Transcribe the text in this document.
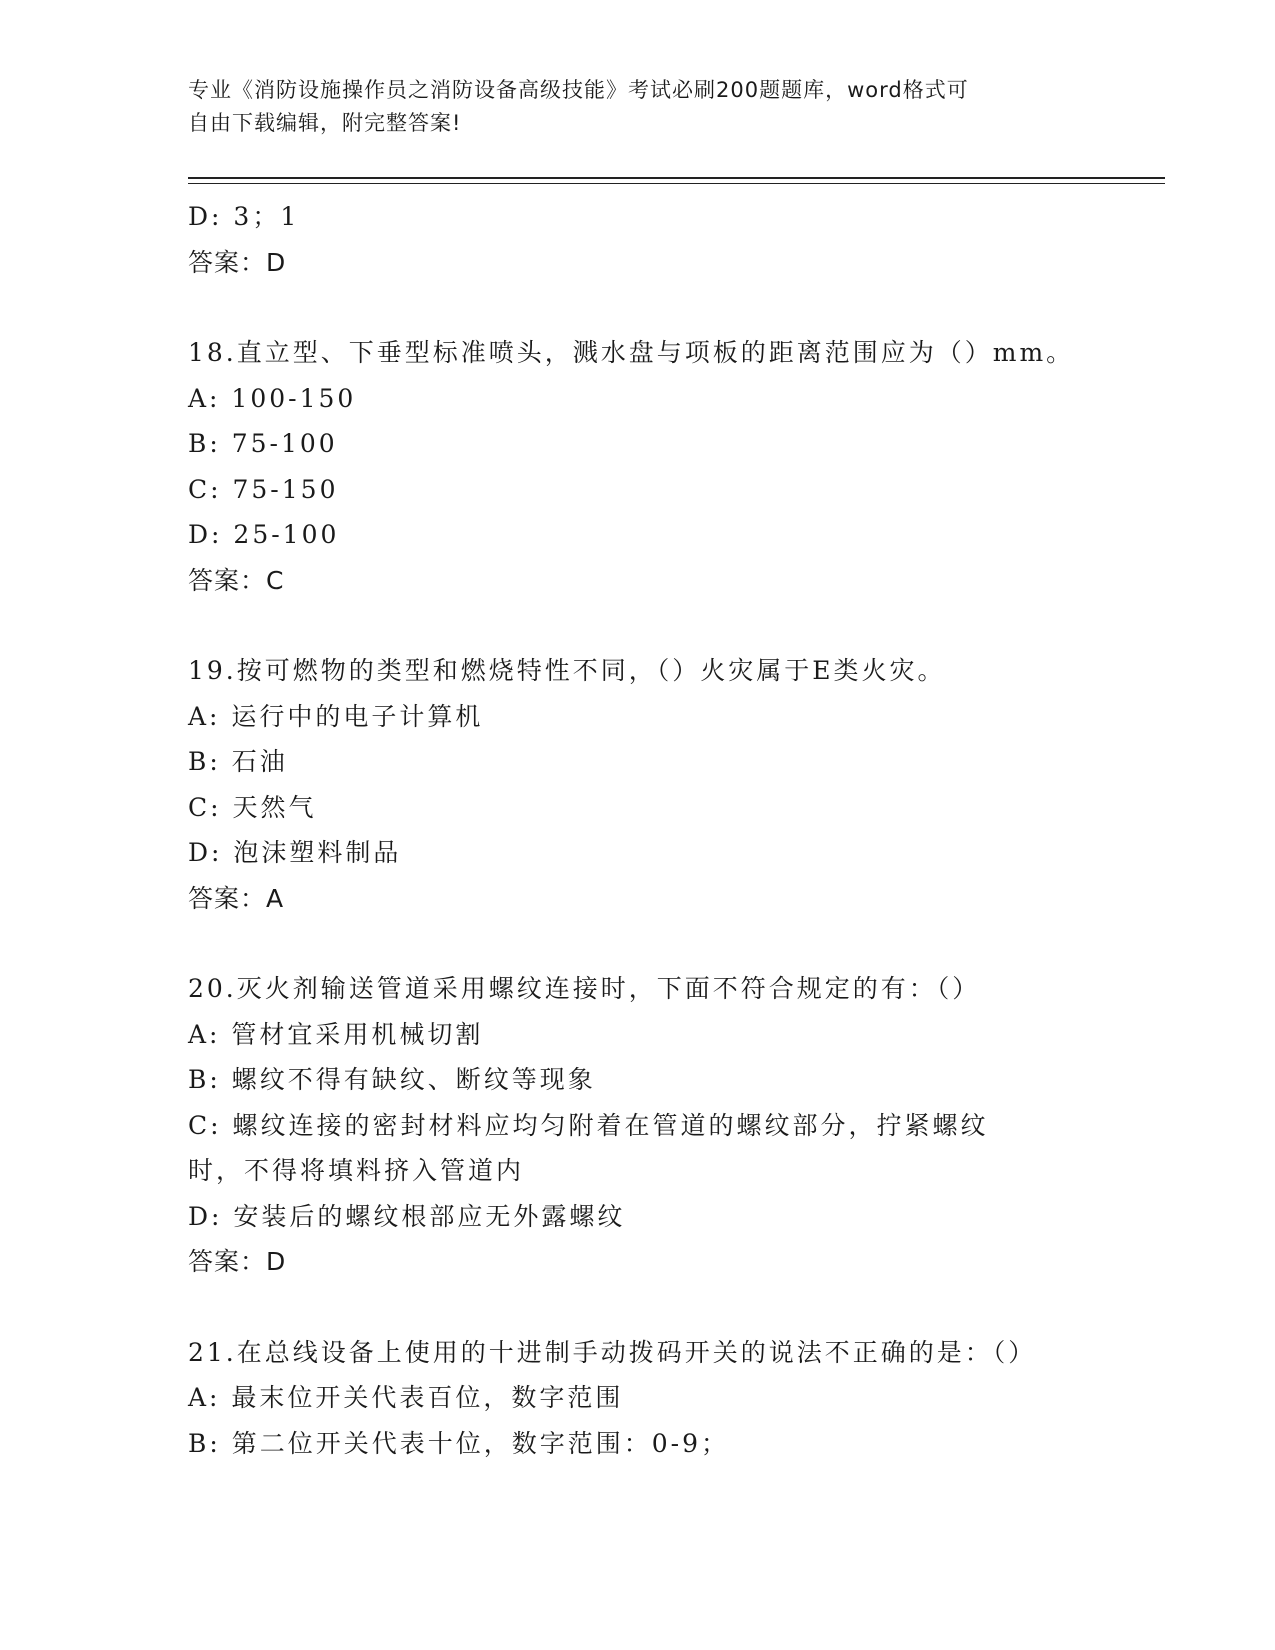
专业《消防设施操作员之消防设备高级技能》考试必刷200题题库，word格式可
自由下载编辑，附完整答案!
D: 3；1
答案：D
18.直立型、下垂型标准喷头，溅水盘与项板的距离范围应为（）mm。
A: 100-150
B: 75-100
C: 75-150
D: 25-100
答案：C
19.按可燃物的类型和燃烧特性不同，（）火灾属于E类火灾。
A: 运行中的电子计算机
B: 石油
C: 天然气
D: 泡沫塑料制品
答案：A
20.灭火剂输送管道采用螺纹连接时，下面不符合规定的有：（）
A: 管材宜采用机械切割
B: 螺纹不得有缺纹、断纹等现象
C: 螺纹连接的密封材料应均匀附着在管道的螺纹部分，拧紧螺纹时，不得将填料挤入管道内
D: 安装后的螺纹根部应无外露螺纹
答案：D
21.在总线设备上使用的十进制手动拨码开关的说法不正确的是：（）
A: 最末位开关代表百位，数字范围
B: 第二位开关代表十位，数字范围：0-9；
